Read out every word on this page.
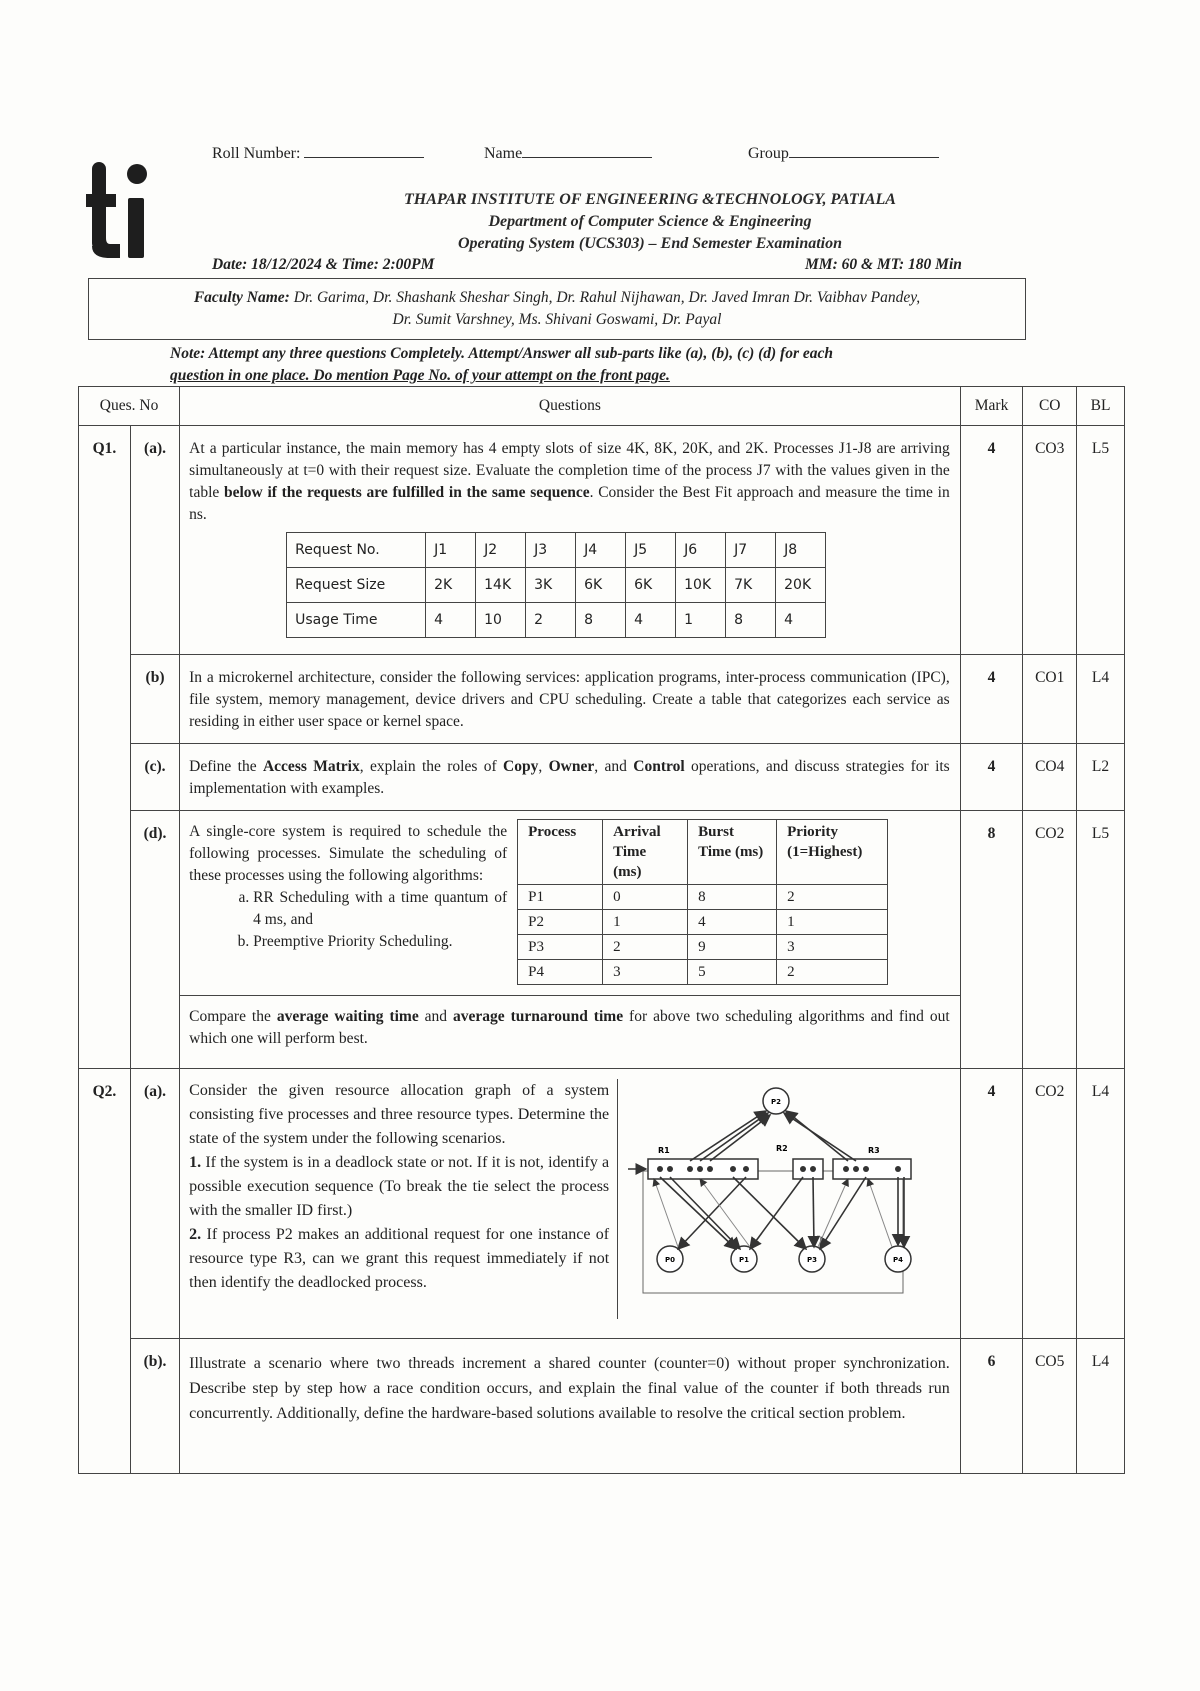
Roll Number:	Name	Group
THAPAR INSTITUTE OF ENGINEERING &TECHNOLOGY, PATIALA
Department of Computer Science & Engineering
Operating System (UCS303) – End Semester Examination
Date: 18/12/2024 & Time: 2:00PM	MM: 60 & MT: 180 Min
Faculty Name: Dr. Garima, Dr. Shashank Sheshar Singh, Dr. Rahul Nijhawan, Dr. Javed Imran Dr. Vaibhav Pandey,
Dr. Sumit Varshney, Ms. Shivani Goswami, Dr. Payal
Note: Attempt any three questions Completely. Attempt/Answer all sub-parts like (a), (b), (c) (d) for each
question in one place. Do mention Page No. of your attempt on the front page.
Ques. No	Questions	Mark	CO	BL
Q1.	(a).	At a particular instance, the main memory has 4 empty slots of size 4K, 8K, 20K, and 2K. Processes J1-J8 are arriving simultaneously at t=0 with their request size. Evaluate the completion time of the process J7 with the values given in the table below if the requests are fulfilled in the same sequence. Consider the Best Fit approach and measure the time in ns.
Request No.	J1	J2	J3	J4	J5	J6	J7	J8
Request Size	2K	14K	3K	6K	6K	10K	7K	20K
Usage Time	4	10	2	8	4	1	8	4
	4	CO3	L5
	(b)	In a microkernel architecture, consider the following services: application programs, inter-process communication (IPC), file system, memory management, device drivers and CPU scheduling. Create a table that categorizes each service as residing in either user space or kernel space.	4	CO1	L4
	(c).	Define the Access Matrix, explain the roles of Copy, Owner, and Control operations, and discuss strategies for its implementation with examples.	4	CO4	L2
	(d).	A single-core system is required to schedule the following processes. Simulate the scheduling of these processes using the following algorithms:
a. RR Scheduling with a time quantum of 4 ms, and
b. Preemptive Priority Scheduling.
Process	Arrival Time (ms)	Burst Time (ms)	Priority (1=Highest)
P1	0	8	2
P2	1	4	1
P3	2	9	3
P4	3	5	2
Compare the average waiting time and average turnaround time for above two scheduling algorithms and find out which one will perform best.
	8	CO2	L5
Q2.	(a).	Consider the given resource allocation graph of a system consisting five processes and three resource types. Determine the state of the system under the following scenarios.
1. If the system is in a deadlock state or not. If it is not, identify a possible execution sequence (To break the tie select the process with the smaller ID first.)
2. If process P2 makes an additional request for one instance of resource type R3, can we grant this request immediately if not then identify the deadlocked process.
R1	R2	R3
P2
P0	P1	P3	P4
	4	CO2	L4
	(b).	Illustrate a scenario where two threads increment a shared counter (counter=0) without proper synchronization. Describe step by step how a race condition occurs, and explain the final value of the counter if both threads run concurrently. Additionally, define the hardware-based solutions available to resolve the critical section problem.	6	CO5	L4
